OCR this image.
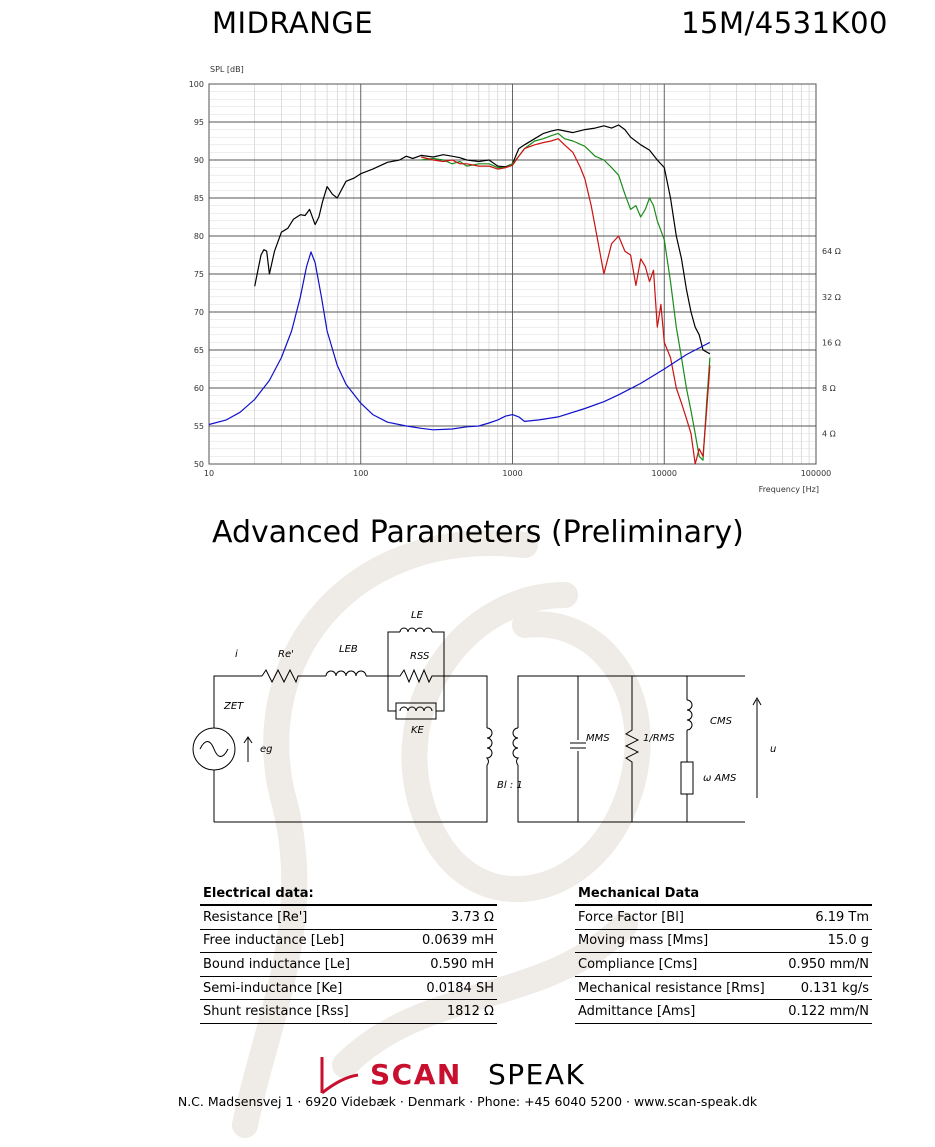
MIDRANGE	15M/4531K00
50
55
60
65
70
75
80
85
90
95
100
10	100	1000	10000	100000
4 Ω
8 Ω
16 Ω
32 Ω
64 Ω
SPL [dB]
Frequency [Hz]
Advanced Parameters (Preliminary)
i	Re'	LEB
LE
RSS
KE
ZET
eg
Bl : 1
MMS	1/RMS
CMS
ω AMS
u
Electrical data:	
Resistance [Re']	3.73 Ω
Free inductance [Leb]	0.0639 mH
Bound inductance [Le]	0.590 mH
Semi-inductance [Ke]	0.0184 SH
Shunt resistance [Rss]	1812 Ω
Mechanical Data	
Force Factor [Bl]	6.19 Tm
Moving mass [Mms]	15.0 g
Compliance [Cms]	0.950 mm/N
Mechanical resistance [Rms]	0.131 kg/s
Admittance [Ams]	0.122 mm/N
SCAN SPEAK
N.C. Madsensvej 1 · 6920 Videbæk · Denmark · Phone: +45 6040 5200 · www.scan-speak.dk
